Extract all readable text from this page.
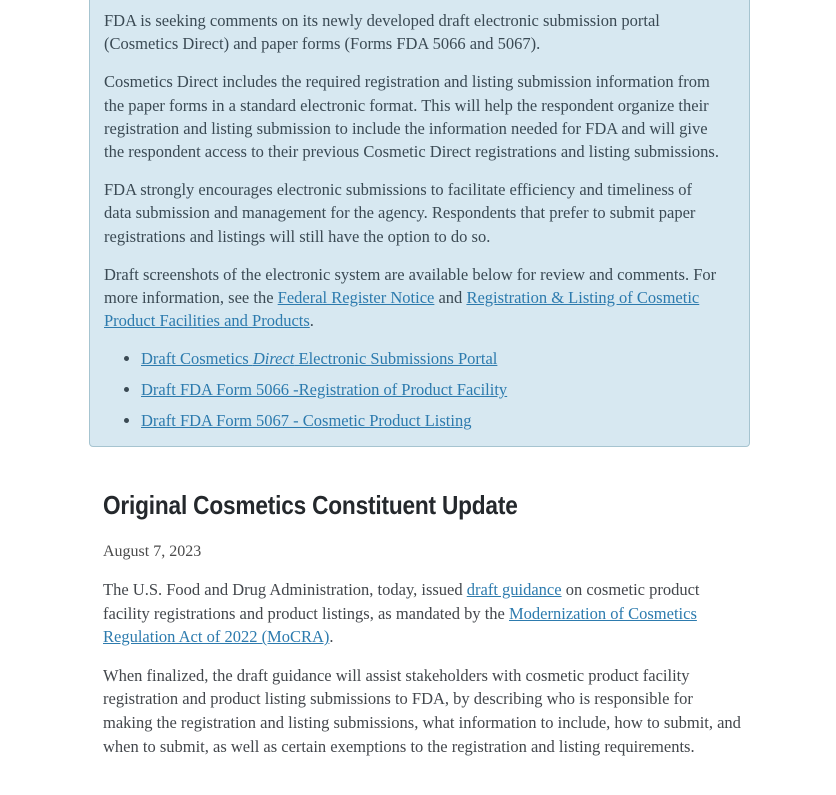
FDA is seeking comments on its newly developed draft electronic submission portal (Cosmetics Direct) and paper forms (Forms FDA 5066 and 5067).

Cosmetics Direct includes the required registration and listing submission information from the paper forms in a standard electronic format. This will help the respondent organize their registration and listing submission to include the information needed for FDA and will give the respondent access to their previous Cosmetic Direct registrations and listing submissions.

FDA strongly encourages electronic submissions to facilitate efficiency and timeliness of data submission and management for the agency. Respondents that prefer to submit paper registrations and listings will still have the option to do so.

Draft screenshots of the electronic system are available below for review and comments. For more information, see the Federal Register Notice and Registration & Listing of Cosmetic Product Facilities and Products.

• Draft Cosmetics Direct Electronic Submissions Portal
• Draft FDA Form 5066 -Registration of Product Facility
• Draft FDA Form 5067 - Cosmetic Product Listing
Original Cosmetics Constituent Update

August 7, 2023

The U.S. Food and Drug Administration, today, issued draft guidance on cosmetic product facility registrations and product listings, as mandated by the Modernization of Cosmetics Regulation Act of 2022 (MoCRA).

When finalized, the draft guidance will assist stakeholders with cosmetic product facility registration and product listing submissions to FDA, by describing who is responsible for making the registration and listing submissions, what information to include, how to submit, and when to submit, as well as certain exemptions to the registration and listing requirements.
